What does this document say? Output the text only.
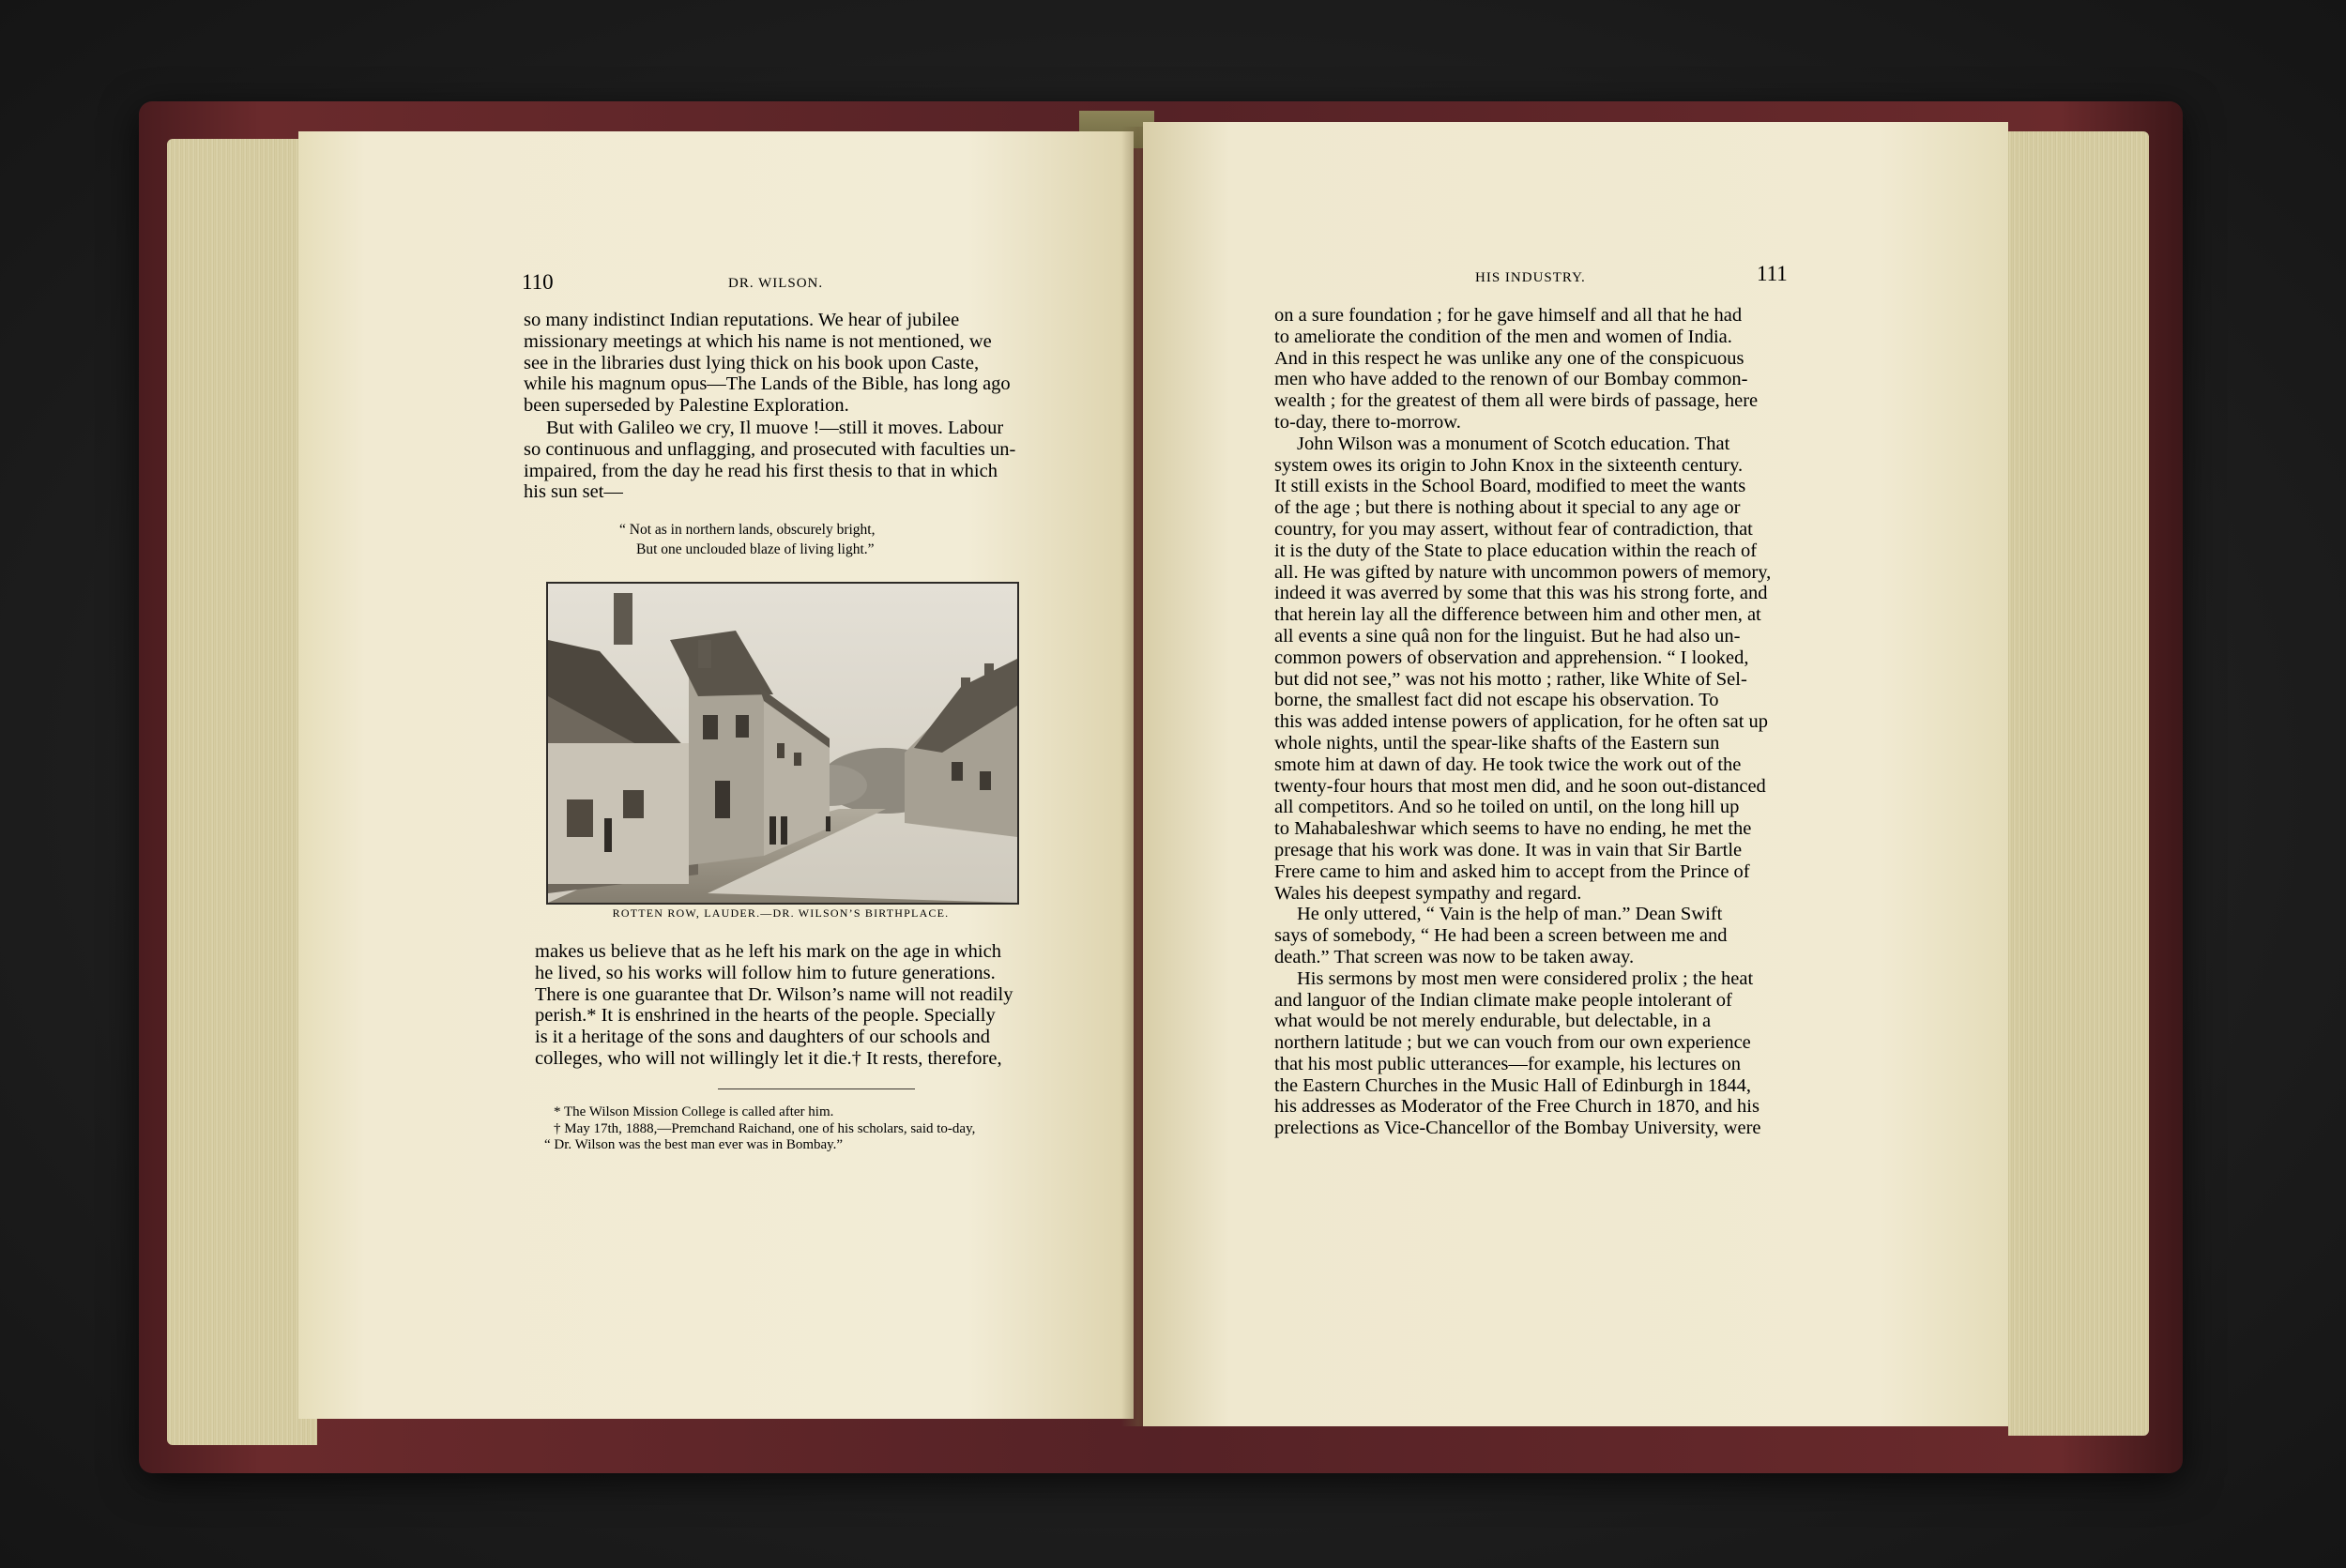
110	DR. WILSON.

so many indistinct Indian reputations. We hear of jubilee

missionary meetings at which his name is not mentioned, we

see in the libraries dust lying thick on his book upon Caste,

while his magnum opus—The Lands of the Bible, has long ago

been superseded by Palestine Exploration.

But with Galileo we cry, Il muove !—still it moves. Labour

so continuous and unflagging, and prosecuted with faculties un-

impaired, from the day he read his first thesis to that in which

his sun set—

“ Not as in northern lands, obscurely bright,
But one unclouded blaze of living light.”
ROTTEN ROW, LAUDER.—DR. WILSON’S BIRTHPLACE.

makes us believe that as he left his mark on the age in which

he lived, so his works will follow him to future generations.

There is one guarantee that Dr. Wilson’s name will not readily

perish.* It is enshrined in the hearts of the people. Specially

is it a heritage of the sons and daughters of our schools and

colleges, who will not willingly let it die.† It rests, therefore,

* The Wilson Mission College is called after him.
† May 17th, 1888,—Premchand Raichand, one of his scholars, said to-day,
“ Dr. Wilson was the best man ever was in Bombay.”
HIS INDUSTRY.	111

on a sure foundation ; for he gave himself and all that he had

to ameliorate the condition of the men and women of India.

And in this respect he was unlike any one of the conspicuous

men who have added to the renown of our Bombay common-

wealth ; for the greatest of them all were birds of passage, here

to-day, there to-morrow.

John Wilson was a monument of Scotch education. That

system owes its origin to John Knox in the sixteenth century.

It still exists in the School Board, modified to meet the wants

of the age ; but there is nothing about it special to any age or

country, for you may assert, without fear of contradiction, that

it is the duty of the State to place education within the reach of

all. He was gifted by nature with uncommon powers of memory,

indeed it was averred by some that this was his strong forte, and

that herein lay all the difference between him and other men, at

all events a sine quâ non for the linguist. But he had also un-

common powers of observation and apprehension. “ I looked,

but did not see,” was not his motto ; rather, like White of Sel-

borne, the smallest fact did not escape his observation. To

this was added intense powers of application, for he often sat up

whole nights, until the spear-like shafts of the Eastern sun

smote him at dawn of day. He took twice the work out of the

twenty-four hours that most men did, and he soon out-distanced

all competitors. And so he toiled on until, on the long hill up

to Mahabaleshwar which seems to have no ending, he met the

presage that his work was done. It was in vain that Sir Bartle

Frere came to him and asked him to accept from the Prince of

Wales his deepest sympathy and regard.

He only uttered, “ Vain is the help of man.” Dean Swift

says of somebody, “ He had been a screen between me and

death.” That screen was now to be taken away.

His sermons by most men were considered prolix ; the heat

and languor of the Indian climate make people intolerant of

what would be not merely endurable, but delectable, in a

northern latitude ; but we can vouch from our own experience

that his most public utterances—for example, his lectures on

the Eastern Churches in the Music Hall of Edinburgh in 1844,

his addresses as Moderator of the Free Church in 1870, and his

prelections as Vice-Chancellor of the Bombay University, were
